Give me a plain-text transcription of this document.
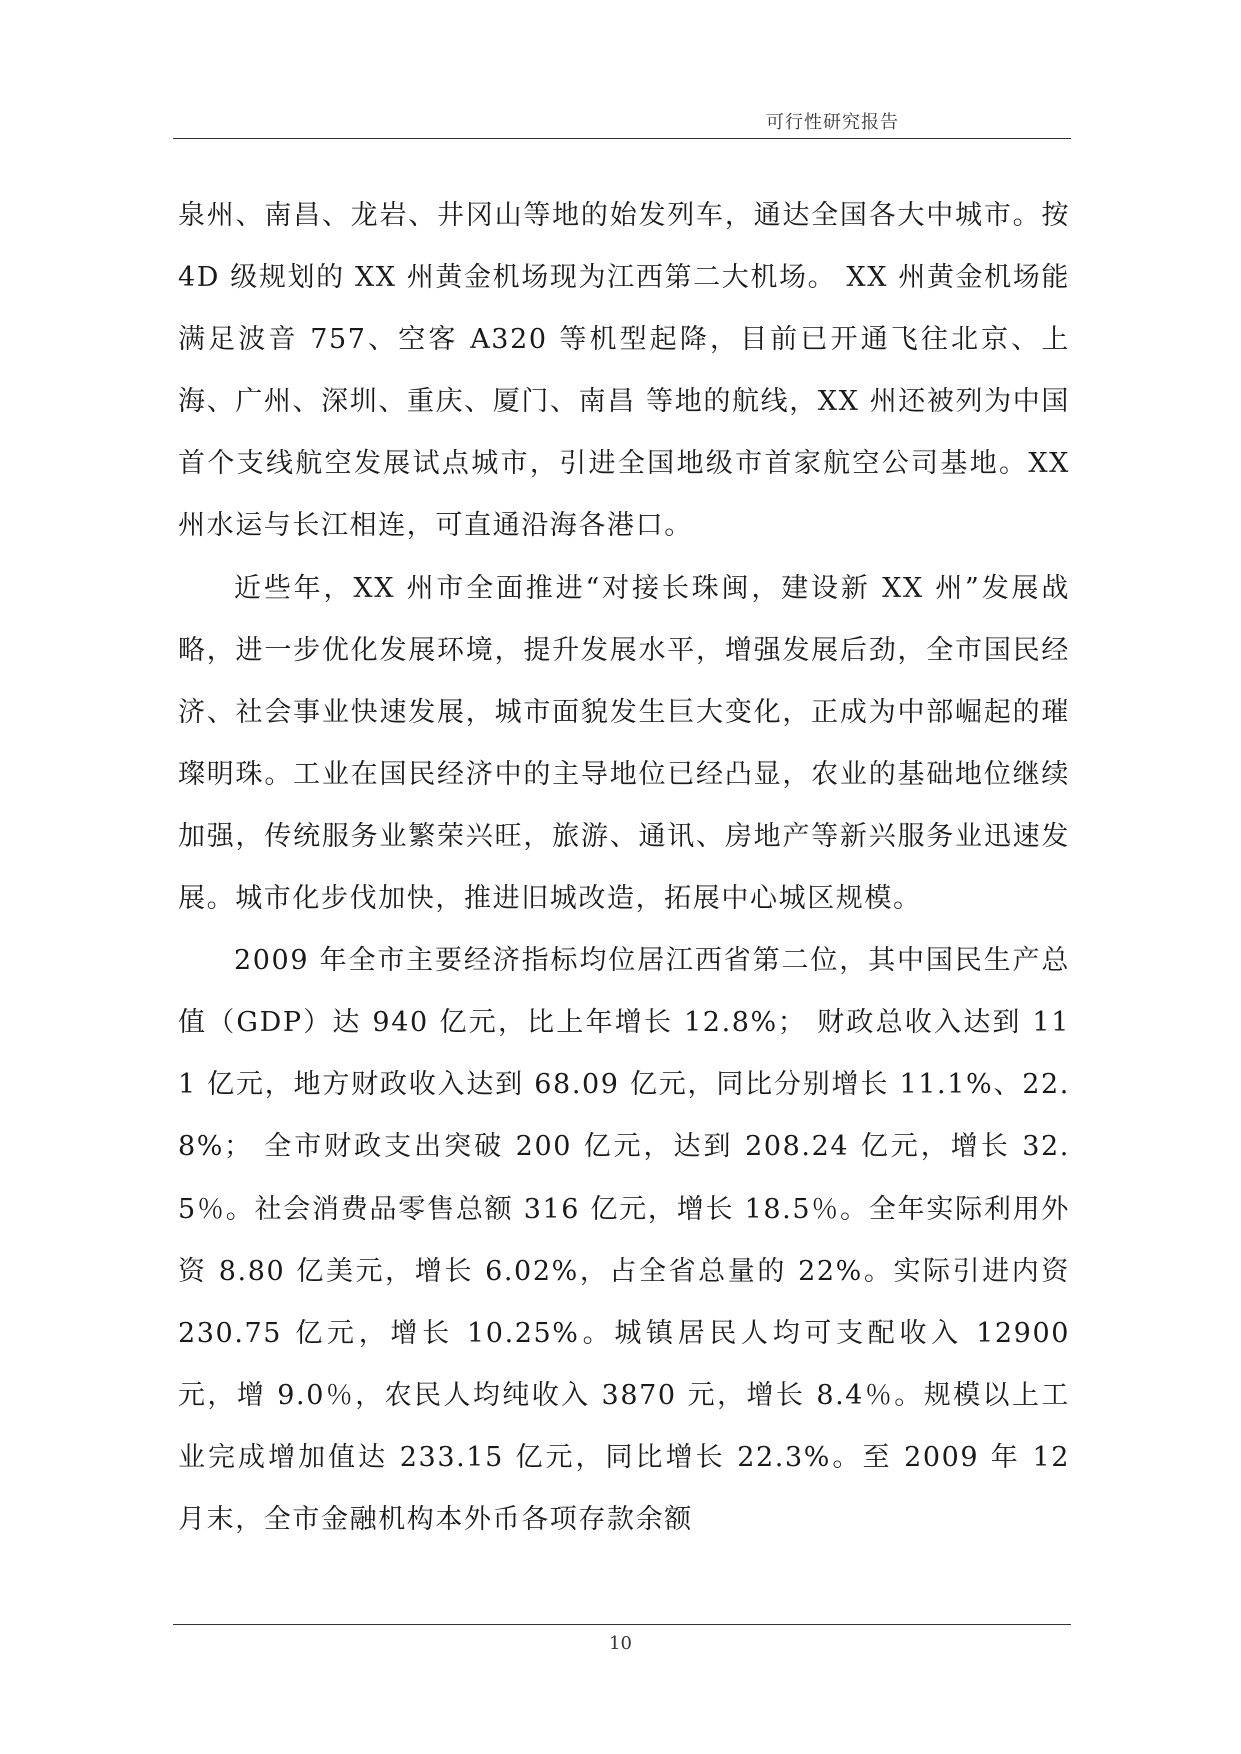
可行性研究报告

泉州、南昌、龙岩、井冈山等地的始发列车，通达全国各大中城市。按 4D 级规划的 XX 州黄金机场现为江西第二大机场。 XX 州黄金机场能满足波音 757、空客 A320 等机型起降，目前已开通飞往北京、上海、广州、深圳、重庆、厦门、南昌 等地的航线，XX 州还被列为中国首个支线航空发展试点城市，引进全国地级市首家航空公司基地。XX 州水运与长江相连，可直通沿海各港口。

近些年，XX 州市全面推进“对接长珠闽，建设新 XX 州”发展战略，进一步优化发展环境，提升发展水平，增强发展后劲，全市国民经济、社会事业快速发展，城市面貌发生巨大变化，正成为中部崛起的璀璨明珠。工业在国民经济中的主导地位已经凸显，农业的基础地位继续加强，传统服务业繁荣兴旺，旅游、通讯、房地产等新兴服务业迅速发展。城市化步伐加快，推进旧城改造，拓展中心城区规模。

2009 年全市主要经济指标均位居江西省第二位，其中国民生产总值（GDP）达 940 亿元，比上年增长 12.8%； 财政总收入达到 111 亿元，地方财政收入达到 68.09 亿元，同比分别增长 11.1%、22.8%； 全市财政支出突破 200 亿元，达到 208.24 亿元，增长 32.5％。社会消费品零售总额 316 亿元，增长 18.5％。全年实际利用外资 8.80 亿美元，增长 6.02%，占全省总量的 22%。实际引进内资 230.75 亿元，增长 10.25%。城镇居民人均可支配收入 12900 元，增 9.0％，农民人均纯收入 3870 元，增长 8.4％。规模以上工业完成增加值达 233.15 亿元，同比增长 22.3%。至 2009 年 12 月末，全市金融机构本外币各项存款余额

10
